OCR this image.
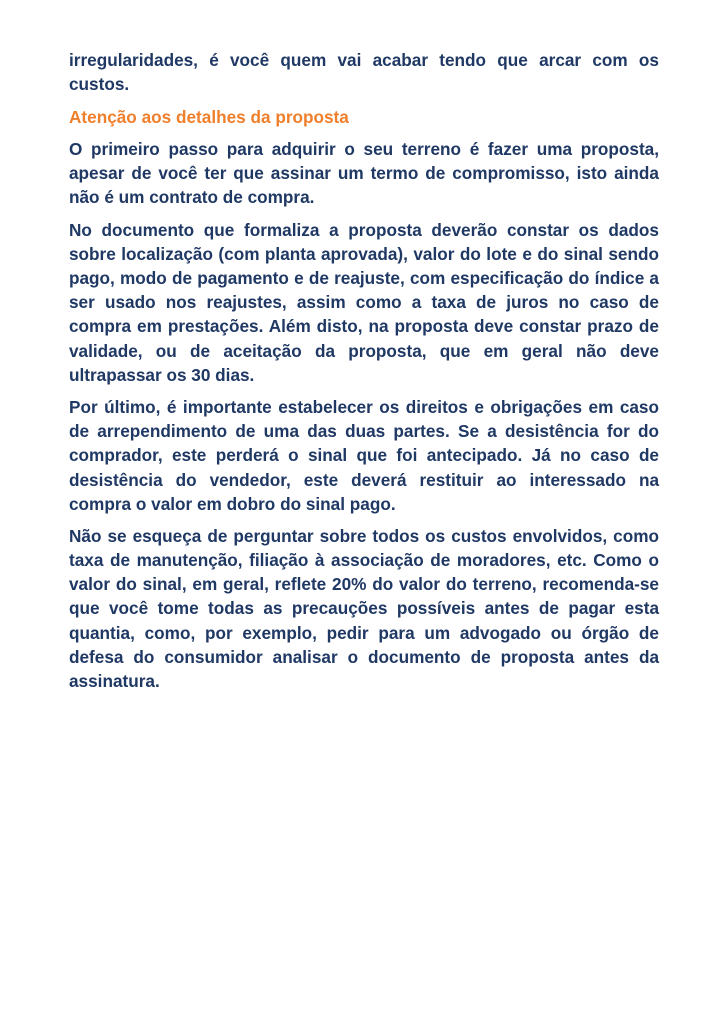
irregularidades, é você quem vai acabar tendo que arcar com os custos.

Atenção aos detalhes da proposta

O primeiro passo para adquirir o seu terreno é fazer uma proposta, apesar de você ter que assinar um termo de compromisso, isto ainda não é um contrato de compra.

No documento que formaliza a proposta deverão constar os dados sobre localização (com planta aprovada), valor do lote e do sinal sendo pago, modo de pagamento e de reajuste, com especificação do índice a ser usado nos reajustes, assim como a taxa de juros no caso de compra em prestações. Além disto, na proposta deve constar prazo de validade, ou de aceitação da proposta, que em geral não deve ultrapassar os 30 dias.

Por último, é importante estabelecer os direitos e obrigações em caso de arrependimento de uma das duas partes. Se a desistência for do comprador, este perderá o sinal que foi antecipado. Já no caso de desistência do vendedor, este deverá restituir ao interessado na compra o valor em dobro do sinal pago.

Não se esqueça de perguntar sobre todos os custos envolvidos, como taxa de manutenção, filiação à associação de moradores, etc. Como o valor do sinal, em geral, reflete 20% do valor do terreno, recomenda-se que você tome todas as precauções possíveis antes de pagar esta quantia, como, por exemplo, pedir para um advogado ou órgão de defesa do consumidor analisar o documento de proposta antes da assinatura.
